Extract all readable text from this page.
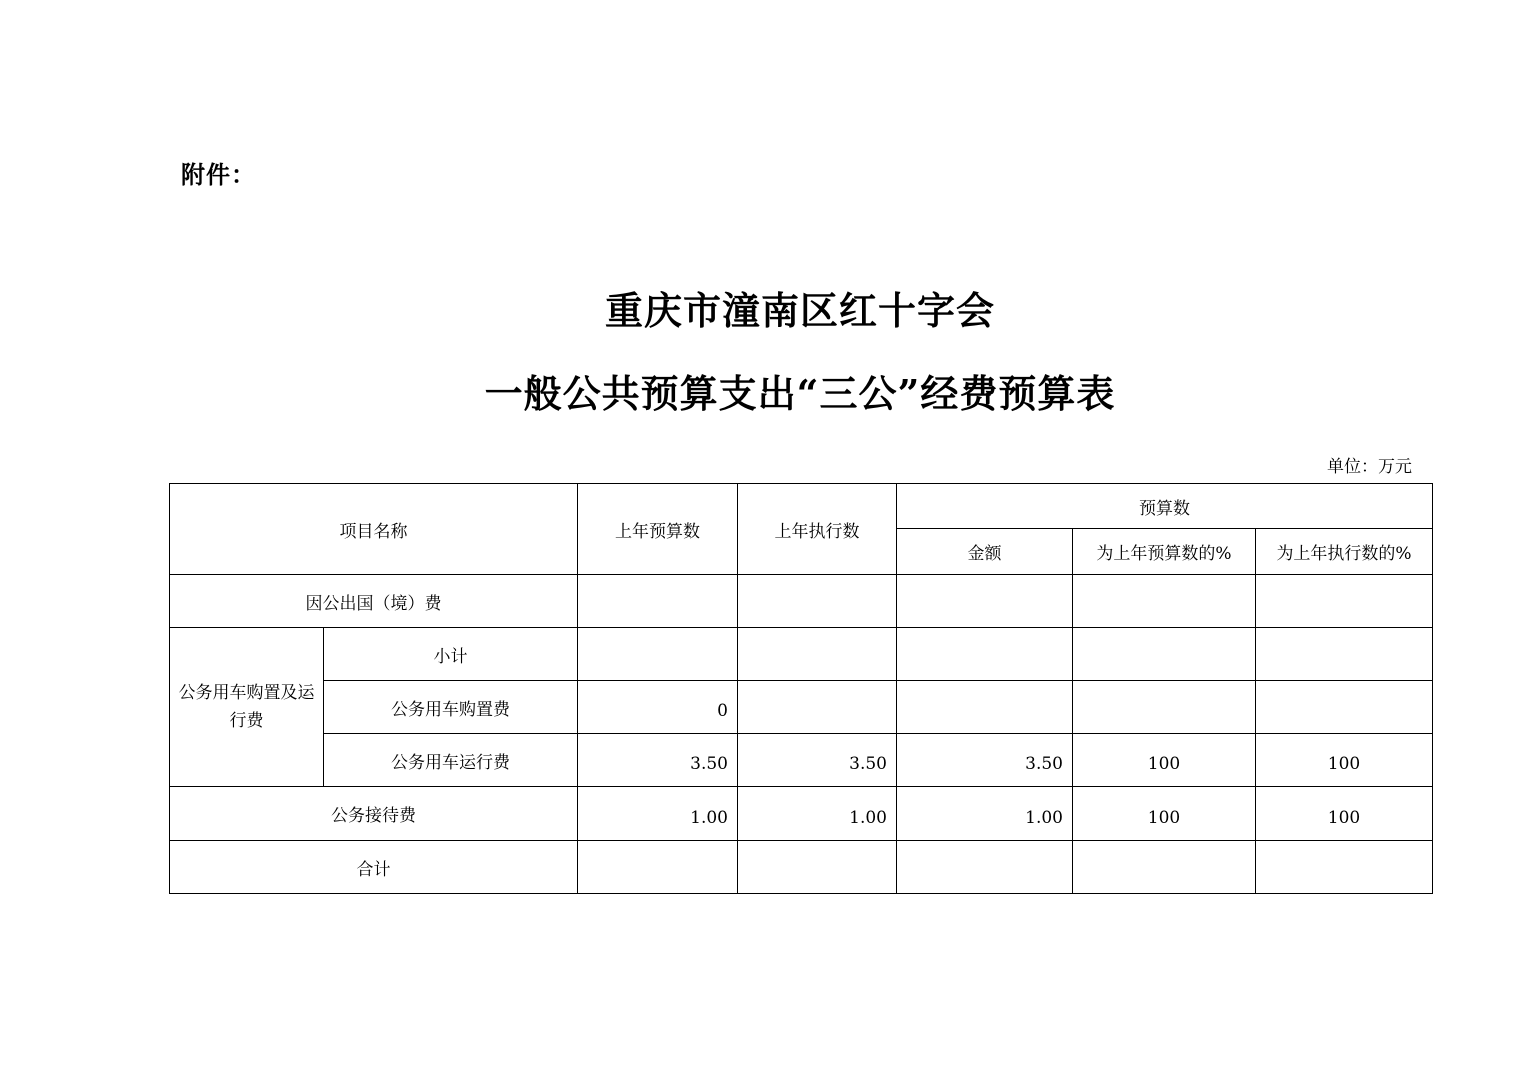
附件：
重庆市潼南区红十字会
一般公共预算支出“三公”经费预算表
单位：万元
项目名称		上年预算数	上年执行数	预算数		
				金额	为上年预算数的%	为上年执行数的%
因公出国（境）费						
公务用车购置及运行费	小计					
	公务用车购置费	0				
	公务用车运行费	3.50	3.50	3.50	100	100
公务接待费		1.00	1.00	1.00	100	100
合计						
